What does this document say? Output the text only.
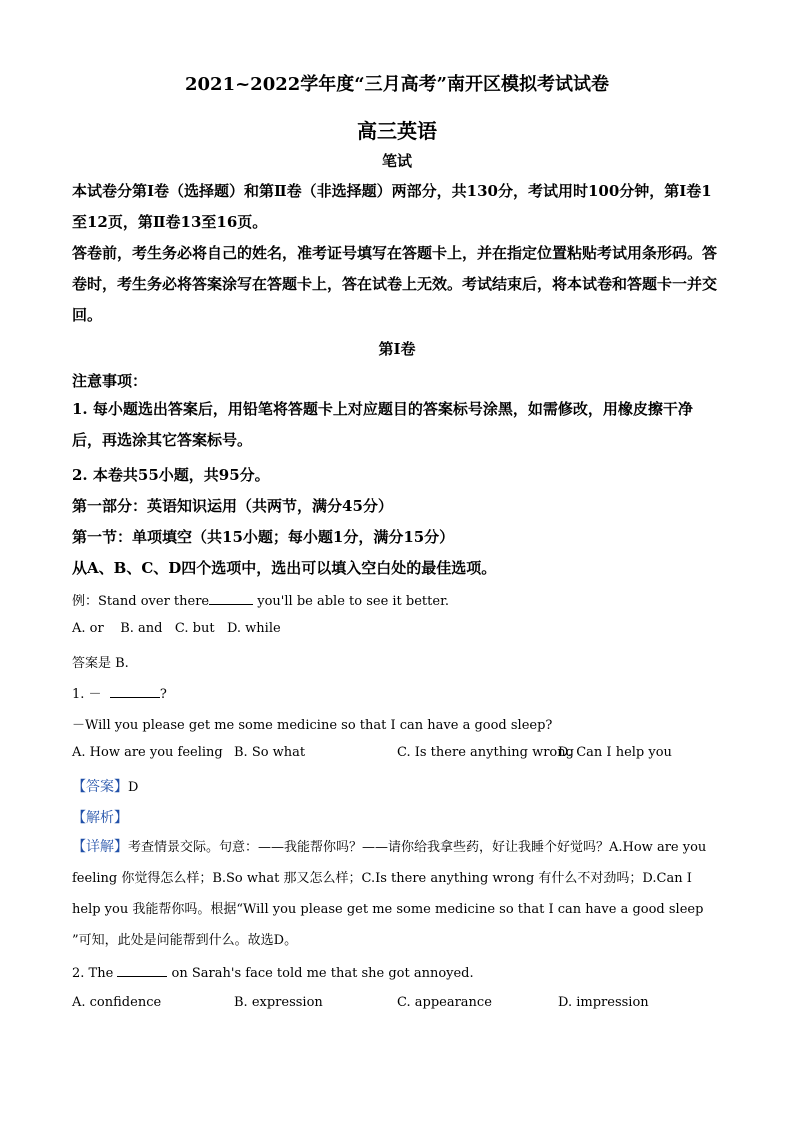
2021~2022学年度“三月高考”南开区模拟考试试卷
高三英语
笔试

本试卷分第Ⅰ卷（选择题）和第Ⅱ卷（非选择题）两部分，共130分，考试用时100分钟，第Ⅰ卷1至12页，第Ⅱ卷13至16页。

答卷前，考生务必将自己的姓名，准考证号填写在答题卡上，并在指定位置粘贴考试用条形码。答卷时，考生务必将答案涂写在答题卡上，答在试卷上无效。考试结束后，将本试卷和答题卡一并交回。

第Ⅰ卷
注意事项：

1. 每小题选出答案后，用铅笔将答题卡上对应题目的答案标号涂黑，如需修改，用橡皮擦干净后，再选涂其它答案标号。

2. 本卷共55小题，共95分。
第一部分：英语知识运用（共两节，满分45分）
第一节：单项填空（共15小题；每小题1分，满分15分）
从A、B、C、D四个选项中，选出可以填入空白处的最佳选项。
例：Stand over there	you'll be able to see it better.
A. or    B. and   C. but   D. while
答案是 B.
1. －	?
－Will you please get me some medicine so that I can have a good sleep?
A. How are you feeling B. So what	C. Is there anything wrong
D. Can I help you
【答案】D
【解析】

【详解】考查情景交际。句意：——我能帮你吗？——请你给我拿些药，好让我睡个好觉吗？A.How are you feeling 你觉得怎么样；B.So what 那又怎么样；C.Is there anything wrong 有什么不对劲吗；D.Can I help you 我能帮你吗。根据“Will you please get me some medicine so that I can have a good sleep ”可知，此处是问能帮到什么。故选D。

2. The	on Sarah's face told me that she got annoyed.
A. confidence	B. expression	C. appearance	D. impression
